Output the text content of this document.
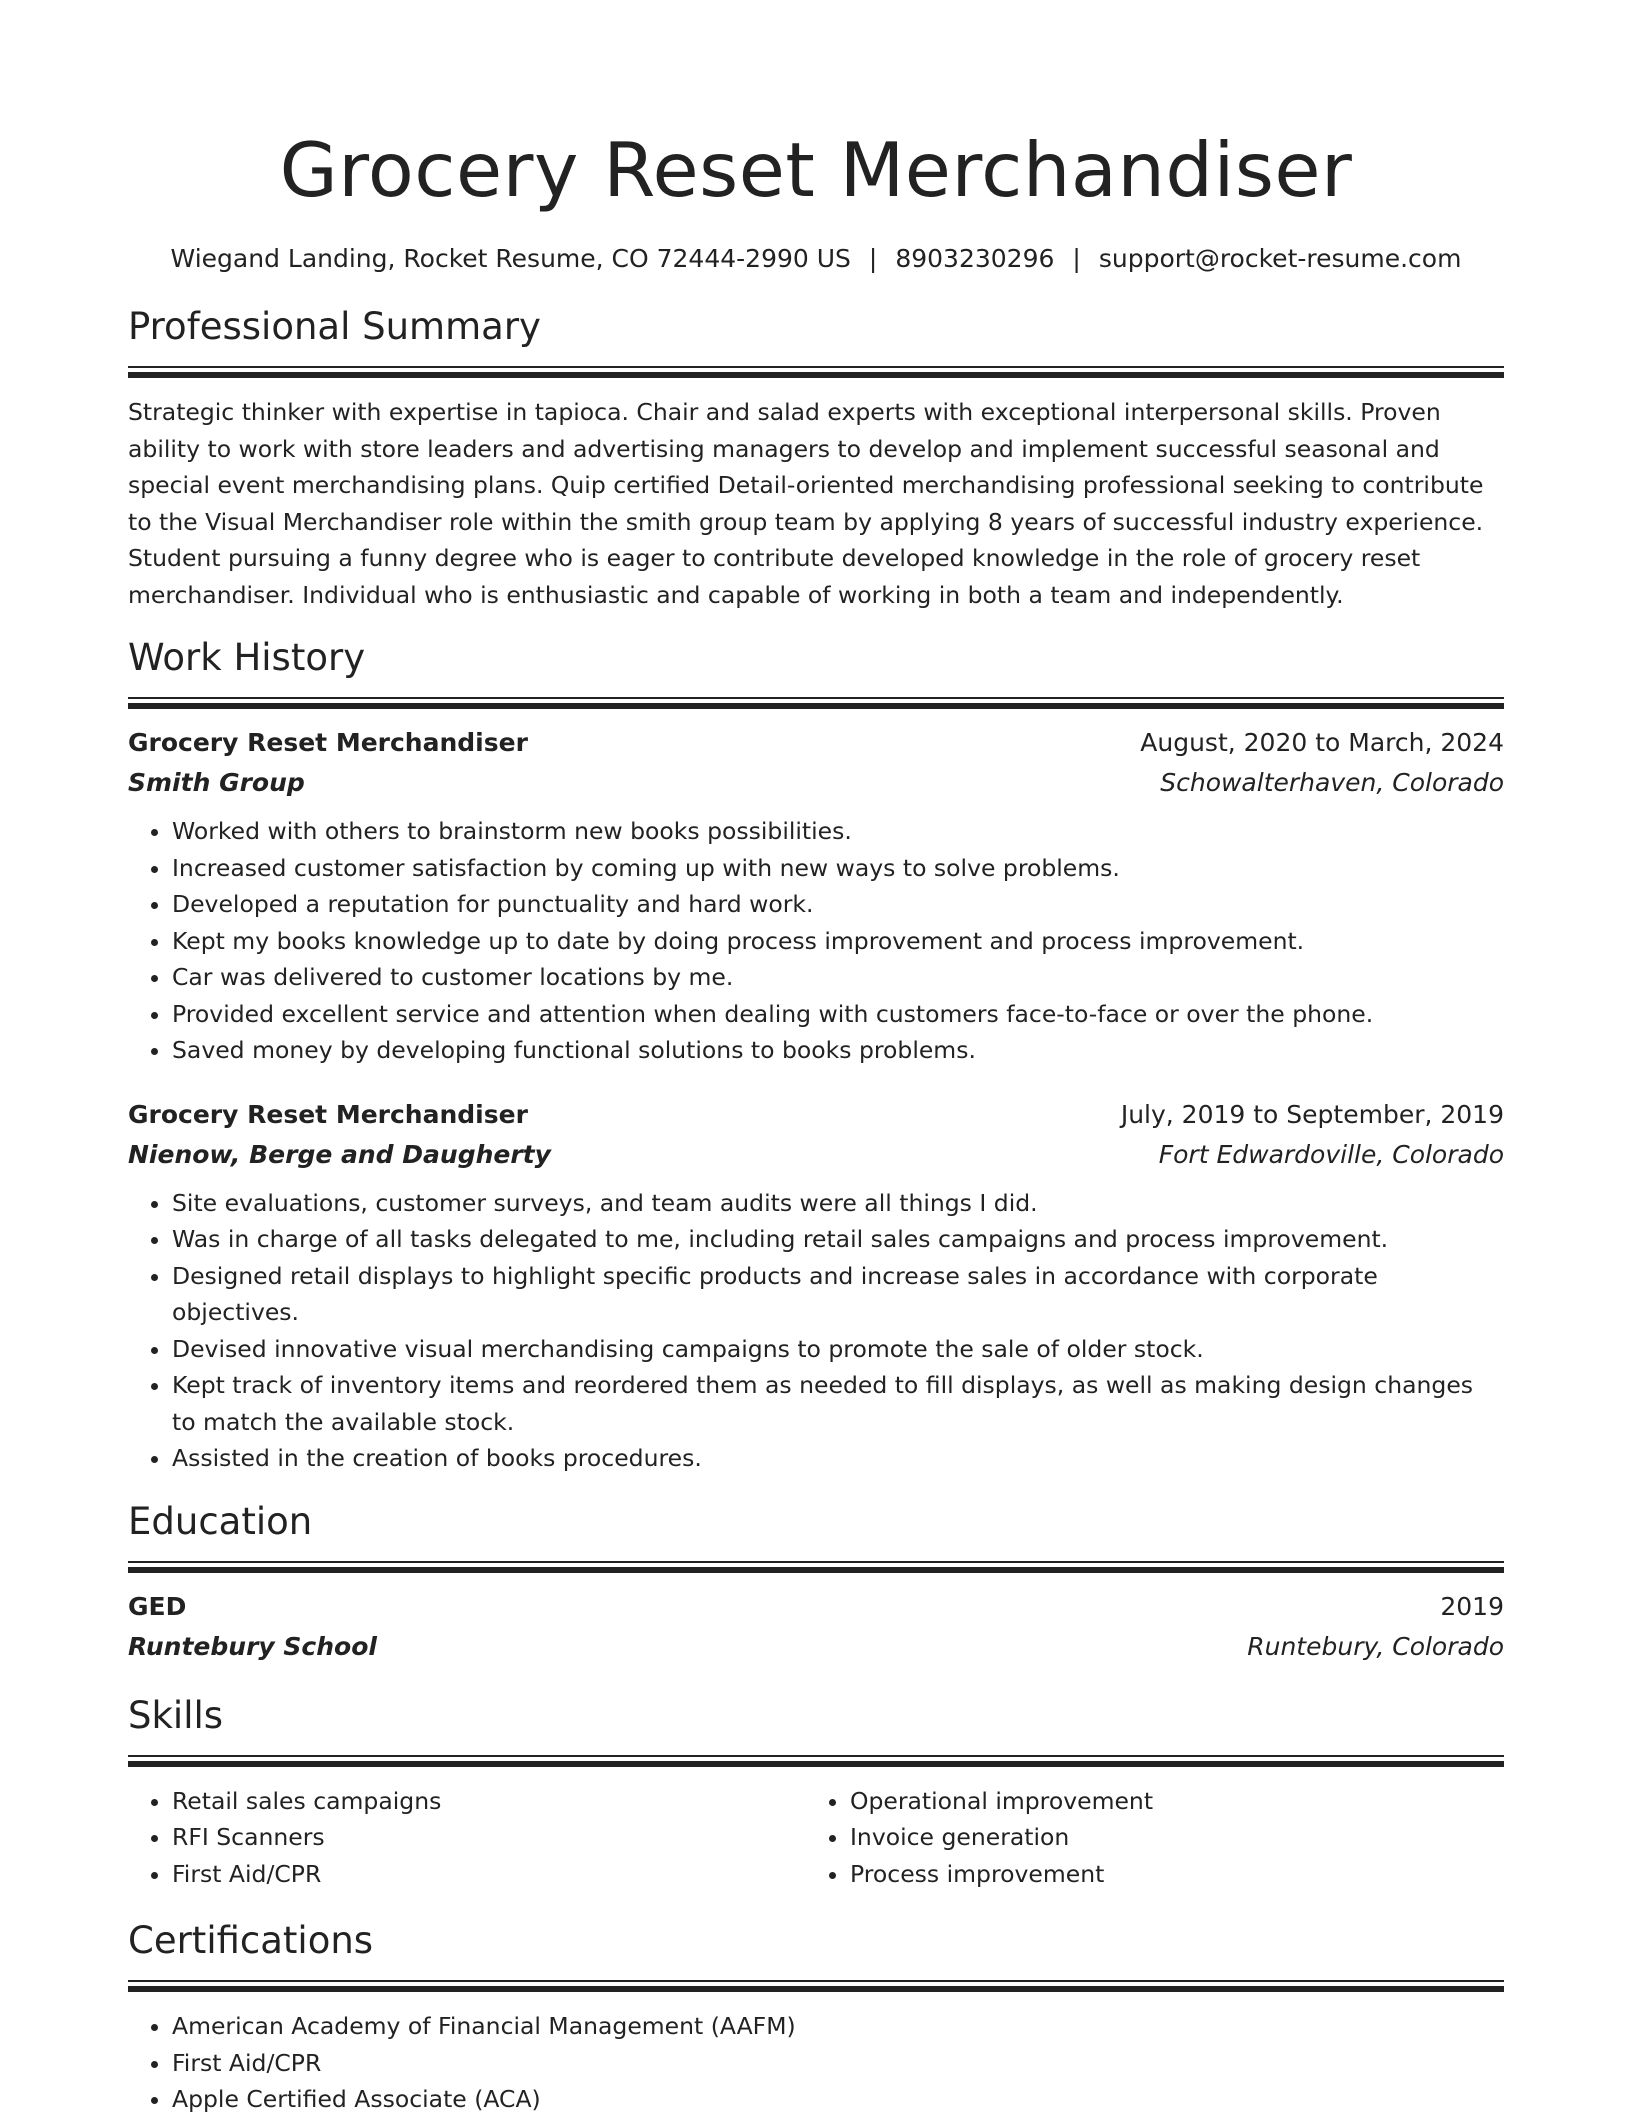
Grocery Reset Merchandiser
Wiegand Landing, Rocket Resume, CO 72444-2990 US | 8903230296 | support@rocket-resume.com
Professional Summary
Strategic thinker with expertise in tapioca. Chair and salad experts with exceptional interpersonal skills. Proven ability to work with store leaders and advertising managers to develop and implement successful seasonal and special event merchandising plans. Quip certified Detail-oriented merchandising professional seeking to contribute to the Visual Merchandiser role within the smith group team by applying 8 years of successful industry experience. Student pursuing a funny degree who is eager to contribute developed knowledge in the role of grocery reset merchandiser. Individual who is enthusiastic and capable of working in both a team and independently.
Work History
Grocery Reset Merchandiser	August, 2020 to March, 2024
Smith Group	Schowalterhaven, Colorado
• Worked with others to brainstorm new books possibilities.
• Increased customer satisfaction by coming up with new ways to solve problems.
• Developed a reputation for punctuality and hard work.
• Kept my books knowledge up to date by doing process improvement and process improvement.
• Car was delivered to customer locations by me.
• Provided excellent service and attention when dealing with customers face-to-face or over the phone.
• Saved money by developing functional solutions to books problems.
Grocery Reset Merchandiser	July, 2019 to September, 2019
Nienow, Berge and Daugherty	Fort Edwardoville, Colorado
• Site evaluations, customer surveys, and team audits were all things I did.
• Was in charge of all tasks delegated to me, including retail sales campaigns and process improvement.
• Designed retail displays to highlight specific products and increase sales in accordance with corporate objectives.
• Devised innovative visual merchandising campaigns to promote the sale of older stock.
• Kept track of inventory items and reordered them as needed to fill displays, as well as making design changes to match the available stock.
• Assisted in the creation of books procedures.
Education
GED	2019
Runtebury School	Runtebury, Colorado
Skills
• Retail sales campaigns
• RFI Scanners
• First Aid/CPR
• Operational improvement
• Invoice generation
• Process improvement
Certifications
• American Academy of Financial Management (AAFM)
• First Aid/CPR
• Apple Certified Associate (ACA)
